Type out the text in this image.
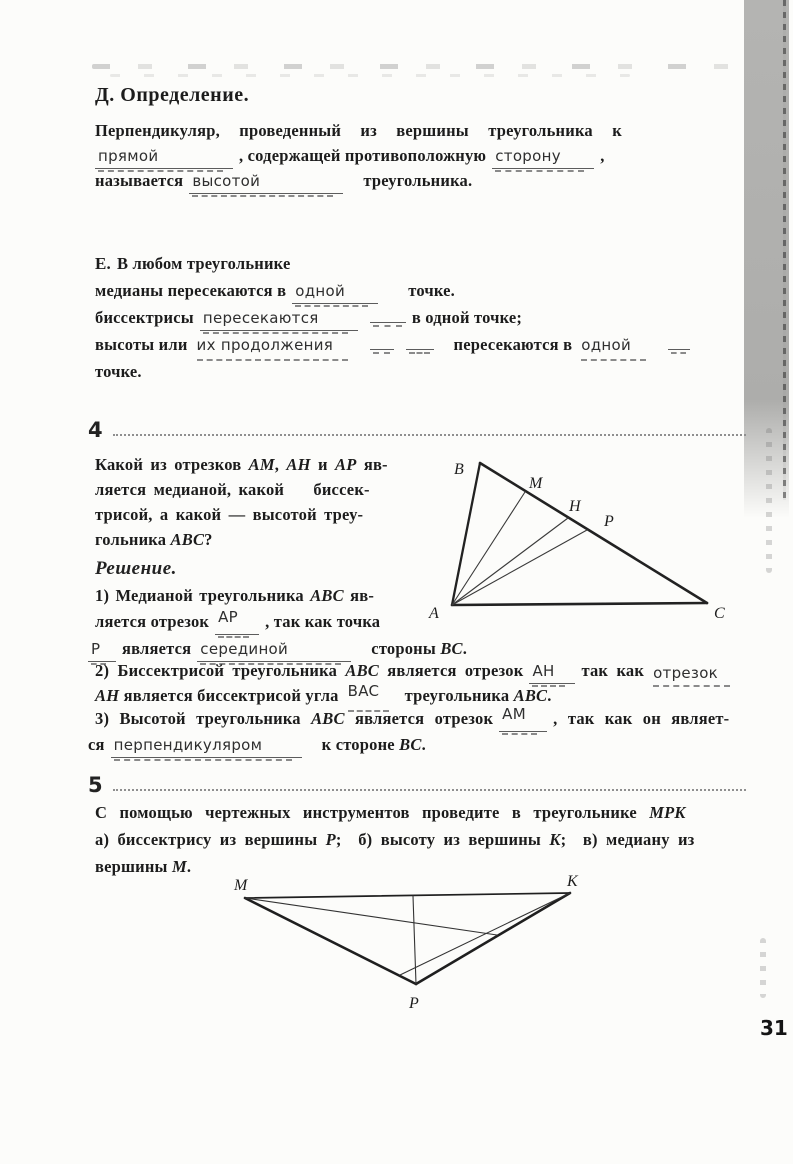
Д. Определение.
Перпендикуляр, проведенный из вершины треугольника к
прямой	, содержащей противоположную сторону ,
называется высотой	треугольника.
Е. В любом треугольнике
медианы пересекаются в одной	точке.
биссектрисы пересекаются	в одной точке;
высоты или их продолжения	пересекаются в одной
точке.
4
Какой из отрезков AM, AH и AP яв-
ляется медианой, какой    биссек-
трисой, а какой — высотой треу-
гольника ABC?
A
B
C
M
H
P
Решение.
1) Медианой треугольника ABC яв-
ляется отрезок AP , так как точка
P является серединой	стороны BC.
2) Биссектрисой треугольника ABC является отрезок AH так как отрезок
AH является биссектрисой угла BAC треугольника ABC.
3) Высотой треугольника ABC является отрезок AM , так как он являет-
ся перпендикуляром	к стороне BC.
5
С помощью чертежных инструментов проведите в треугольнике MPK
а) биссектрису из вершины P;  б) высоту из вершины K;  в) медиану из
вершины M.
M	K
P
31
